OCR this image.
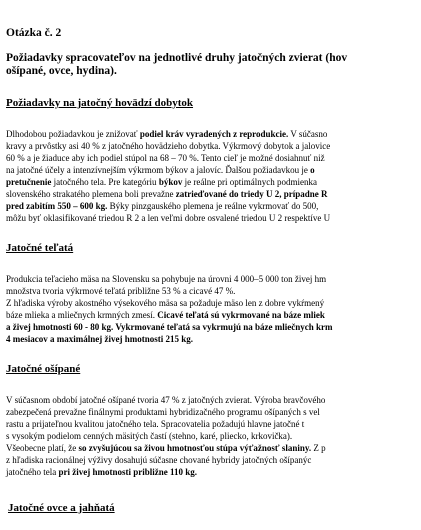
Otázka č. 2
Požiadavky spracovateľov na jednotlivé druhy jatočných zvierat (hov
ošípané, ovce, hydina).
Požiadavky na jatočný hovädzí dobytok
Dlhodobou požiadavkou je znižovať podiel kráv vyradených z reprodukcie. V súčasno
kravy a prvôstky asi 40 % z jatočného hovädzieho dobytka. Výkrmový dobytok a jalovice
60 % a je žiaduce aby ich podiel stúpol na 68 – 70 %. Tento cieľ je možné dosiahnuť niž
na jatočné účely a intenzívnejším výkrmom býkov a jalovíc. Ďalšou požiadavkou je o
pretučnenie jatočného tela. Pre kategóriu býkov je reálne pri optimálnych podmienka
slovenského strakatého plemena boli prevažne zatrieďované do triedy U 2, prípadne R
pred zabitím 550 – 600 kg. Býky pinzgauského plemena je reálne vykrmovať do 500,
môžu byť oklasifikované triedou R 2 a len veľmi dobre osvalené triedou U 2 respektíve U
Jatočné teľatá
Produkcia teľacieho mäsa na Slovensku sa pohybuje na úrovni 4 000–5 000 ton živej hm
množstva tvoria výkrmové teľatá približne 53 % a cicavé 47 %.
Z hľadiska výroby akostného výsekového mäsa sa požaduje mäso len z dobre vykŕmený
báze mlieka a mliečnych krmných zmesí. Cicavé teľatá sú vykrmované na báze mliek
a živej hmotnosti 60 - 80 kg. Vykrmované teľatá sa vykrmujú na báze mliečnych krm
4 mesiacov a maximálnej živej hmotnosti 215 kg.
Jatočné ošípané
V súčasnom období jatočné ošípané tvoria 47 % z jatočných zvierat. Výroba bravčového
zabezpečená prevažne finálnymi produktami hybridizačného programu ošípaných s vel
rastu a prijateľnou kvalitou jatočného tela. Spracovatelia požadujú hlavne jatočné t
s vysokým podielom cenných mäsitých častí (stehno, karé, pliecko, krkovička).
Všeobecne platí, že so zvyšujúcou sa živou hmotnosťou stúpa výťažnosť slaniny. Z p
z hľadiska racionálnej výživy dosahujú súčasne chované hybridy jatočných ošípanýc
jatočného tela pri živej hmotnosti približne 110 kg.
Jatočné ovce a jahňatá
